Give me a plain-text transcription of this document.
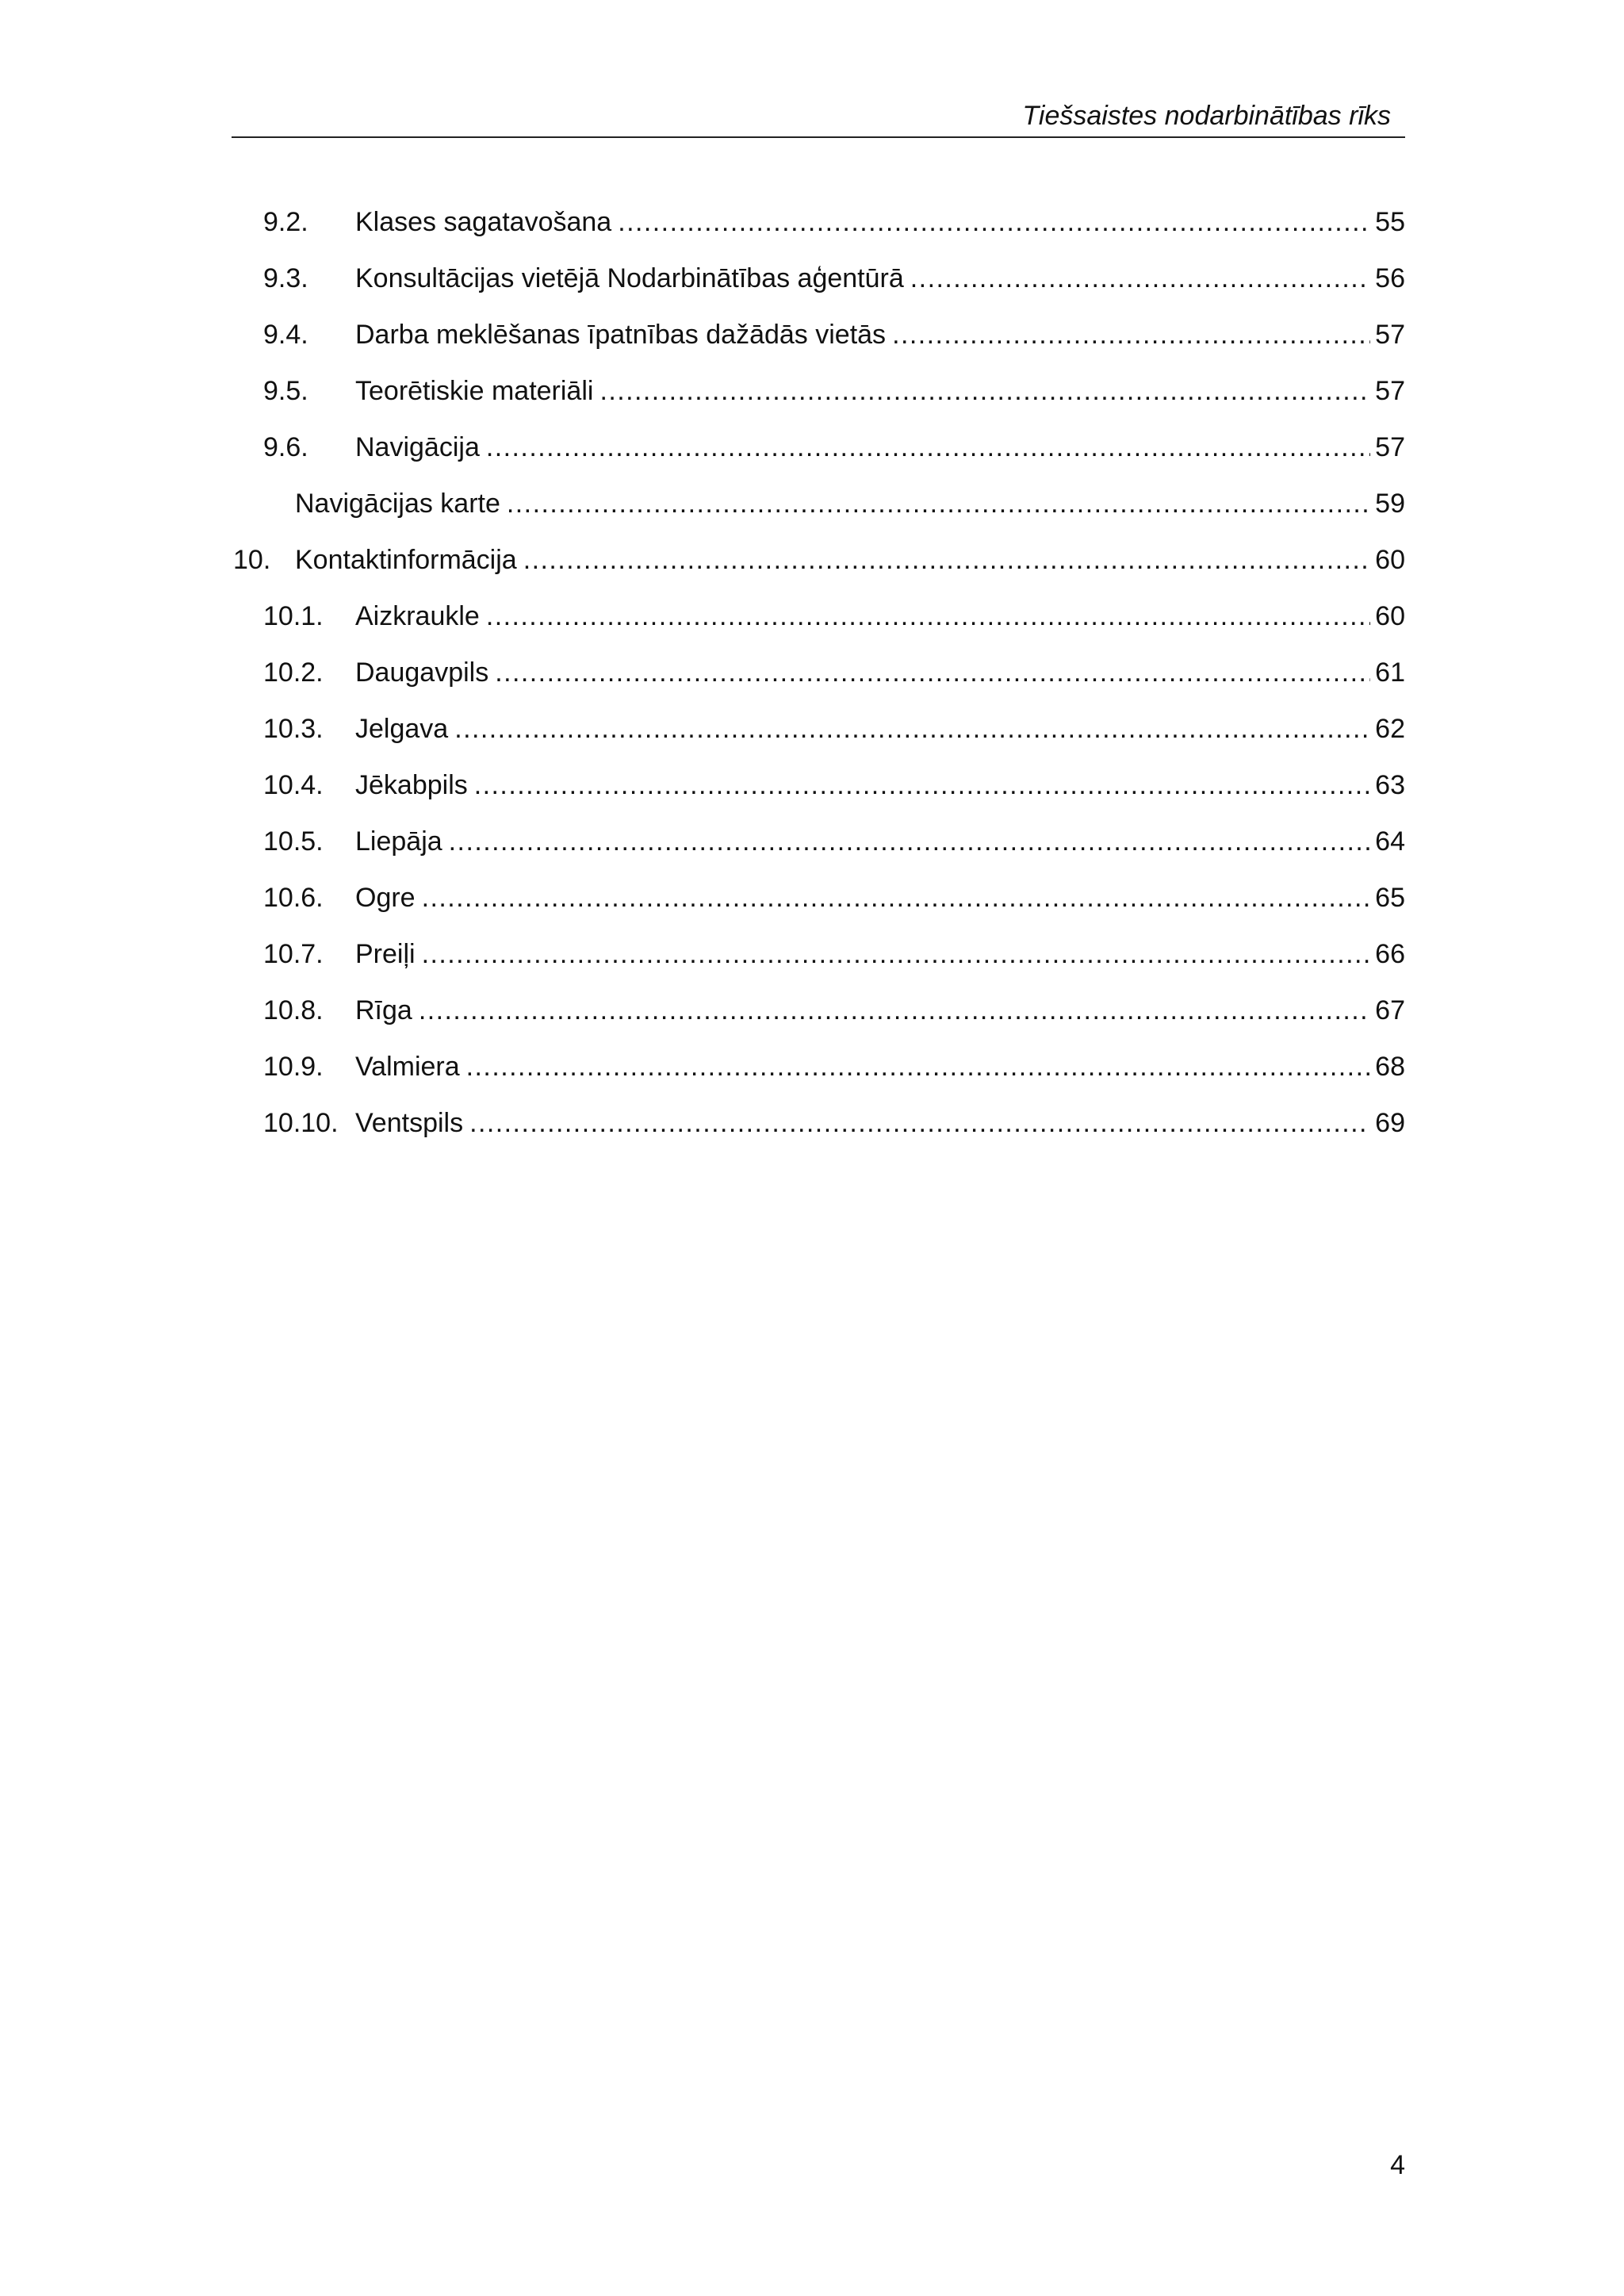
Tiešsaistes nodarbinātības rīks
9.2.	Klases sagatavošana . . .	55
9.3.	Konsultācijas vietējā Nodarbinātības aģentūrā . . .	56
9.4.	Darba meklēšanas īpatnības dažādās vietās . . .	57
9.5.	Teorētiskie materiāli . . .	57
9.6.	Navigācija . . .	57
Navigācijas karte . . .	59
10. Kontaktinformācija . . .	60
10.1.	Aizkraukle . . .	60
10.2.	Daugavpils . . .	61
10.3.	Jelgava . . .	62
10.4.	Jēkabpils . . .	63
10.5.	Liepāja . . .	64
10.6.	Ogre . . .	65
10.7.	Preiļi . . .	66
10.8.	Rīga . . .	67
10.9.	Valmiera . . .	68
10.10. Ventspils . . .	69
4
